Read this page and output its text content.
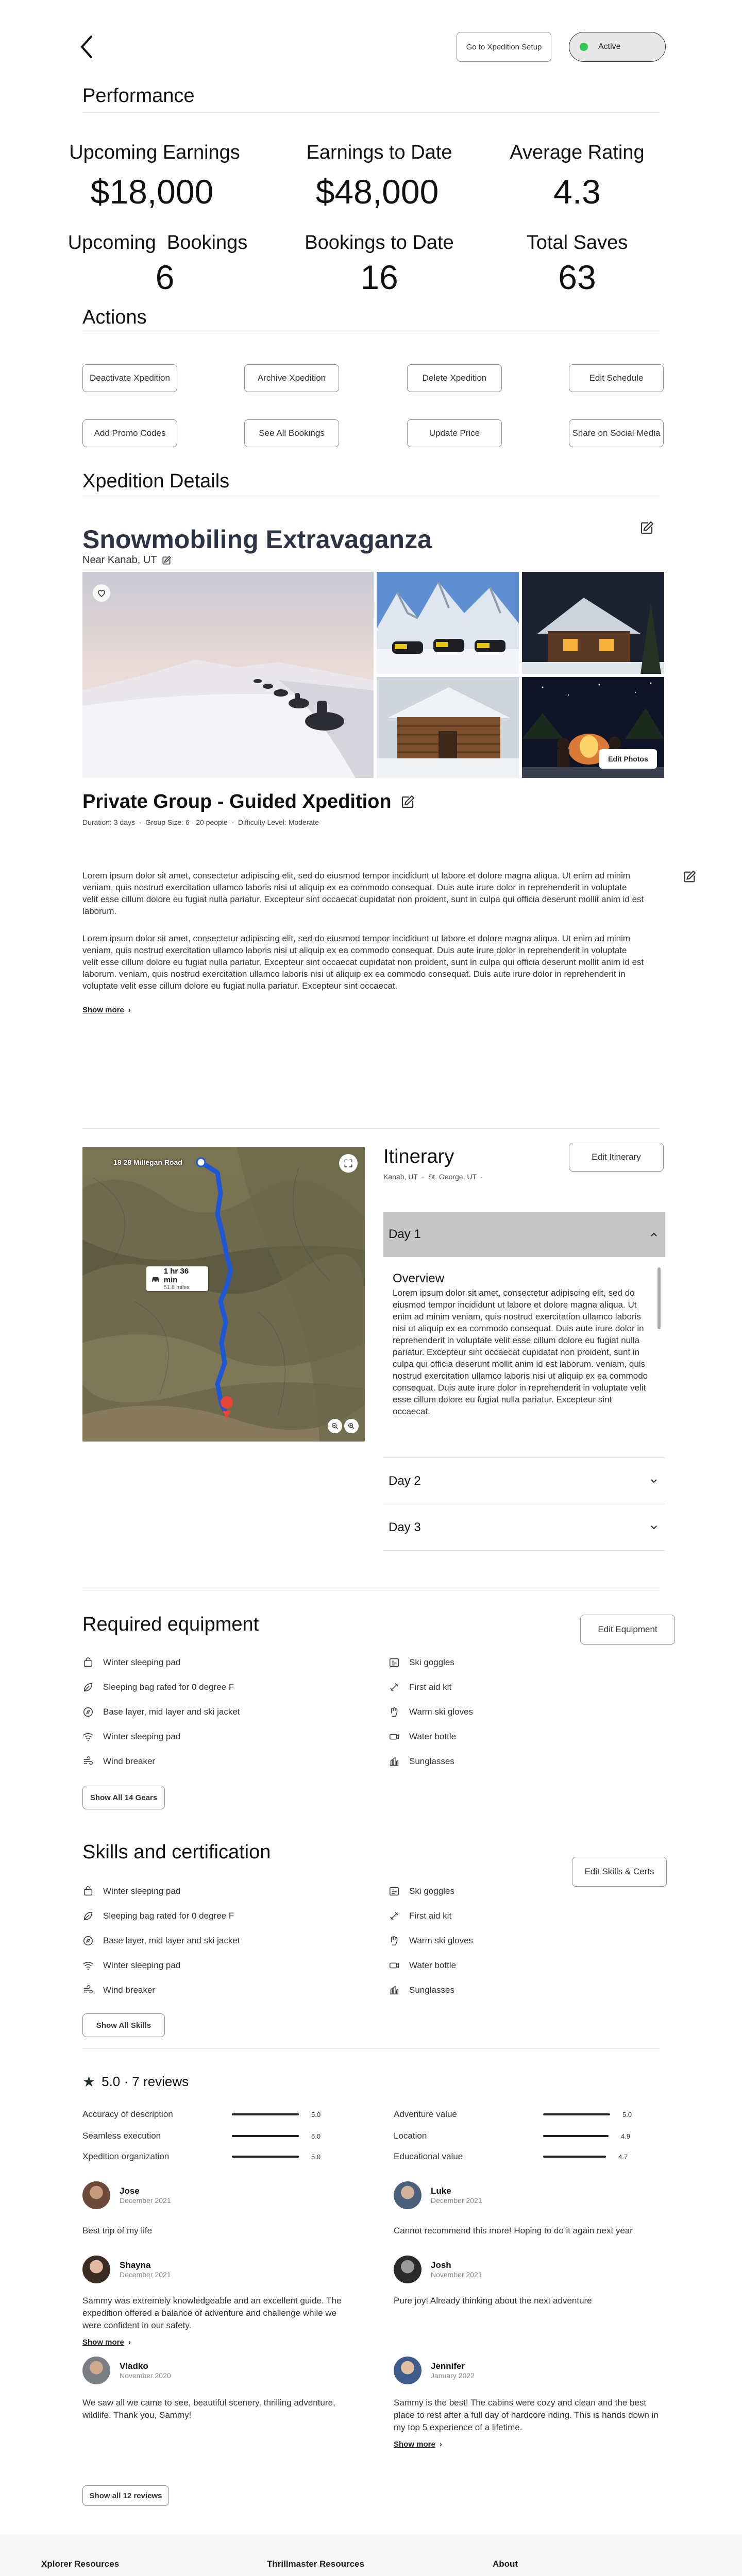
Go to Xpedition Setup	Active
Performance
Upcoming Earnings
$18,000
Earnings to Date
$48,000
Average Rating
4.3
Upcoming  Bookings
6
Bookings to Date
16
Total Saves
63
Actions
Deactivate Xpedition	Archive Xpedition	Delete Xpedition	Edit Schedule
Add Promo Codes	See All Bookings	Update Price	Share on Social Media
Xpedition Details
Snowmobiling Extravaganza
Near Kanab, UT
Edit Photos
Private Group - Guided Xpedition
Duration: 3 days  ·  Group Size: 6 - 20 people  ·  Difficulty Level: Moderate
Lorem ipsum dolor sit amet, consectetur adipiscing elit, sed do eiusmod tempor incididunt ut labore et dolore magna aliqua. Ut enim ad minim veniam, quis nostrud exercitation ullamco laboris nisi ut aliquip ex ea commodo consequat. Duis aute irure dolor in reprehenderit in voluptate velit esse cillum dolore eu fugiat nulla pariatur. Excepteur sint occaecat cupidatat non proident, sunt in culpa qui officia deserunt mollit anim id est laborum.
Lorem ipsum dolor sit amet, consectetur adipiscing elit, sed do eiusmod tempor incididunt ut labore et dolore magna aliqua. Ut enim ad minim veniam, quis nostrud exercitation ullamco laboris nisi ut aliquip ex ea commodo consequat. Duis aute irure dolor in reprehenderit in voluptate velit esse cillum dolore eu fugiat nulla pariatur. Excepteur sint occaecat cupidatat non proident, sunt in culpa qui officia deserunt mollit anim id est laborum. veniam, quis nostrud exercitation ullamco laboris nisi ut aliquip ex ea commodo consequat. Duis aute irure dolor in reprehenderit in voluptate velit esse cillum dolore eu fugiat nulla pariatur. Excepteur sint occaecat.
Show more ›
18 28 Millegan Road
1 hr 36 min
51.8 miles
Itinerary
Kanab, UT  ·  St. George, UT  ·
Edit Itinerary
Day 1
Overview
Lorem ipsum dolor sit amet, consectetur adipiscing elit, sed do eiusmod tempor incididunt ut labore et dolore magna aliqua. Ut enim ad minim veniam, quis nostrud exercitation ullamco laboris nisi ut aliquip ex ea commodo consequat. Duis aute irure dolor in reprehenderit in voluptate velit esse cillum dolore eu fugiat nulla pariatur. Excepteur sint occaecat cupidatat non proident, sunt in culpa qui officia deserunt mollit anim id est laborum. veniam, quis nostrud exercitation ullamco laboris nisi ut aliquip ex ea commodo consequat. Duis aute irure dolor in reprehenderit in voluptate velit esse cillum dolore eu fugiat nulla pariatur. Excepteur sint occaecat.
Day 2
Day 3
Required equipment	Edit Equipment
Winter sleeping pad
Sleeping bag rated for 0 degree F
Base layer, mid layer and ski jacket
Winter sleeping pad
Wind breaker
Ski goggles
First aid kit
Warm ski gloves
Water bottle
Sunglasses
Show All 14 Gears
Skills and certification
Edit Skills & Certs
Winter sleeping pad
Sleeping bag rated for 0 degree F
Base layer, mid layer and ski jacket
Winter sleeping pad
Wind breaker
Ski goggles
First aid kit
Warm ski gloves
Water bottle
Sunglasses
Show All Skills
★ 5.0 · 7 reviews
Accuracy of description	5.0
Seamless execution	5.0
Xpedition organization	5.0
Adventure value	5.0
Location	4.9
Educational value	4.7
Jose
December 2021
Best trip of my life
Luke
December 2021
Cannot recommend this more! Hoping to do it again next year
Shayna
December 2021
Sammy was extremely knowledgeable and an excellent guide. The expedition offered a balance of adventure and challenge while we were confident in our safety.
Show more ›
Josh
November 2021
Pure joy! Already thinking about the next adventure
Vladko
November 2020
We saw all we came to see, beautiful scenery, thrilling adventure, wildlife. Thank you, Sammy!
Jennifer
January 2022
Sammy is the best! The cabins were cozy and clean and the best place to rest after a full day of hardcore riding. This is hands down in my top 5 experience of a lifetime.
Show more ›
Show all 12 reviews
Xplorer Resources	Thrillmaster Resources	About
